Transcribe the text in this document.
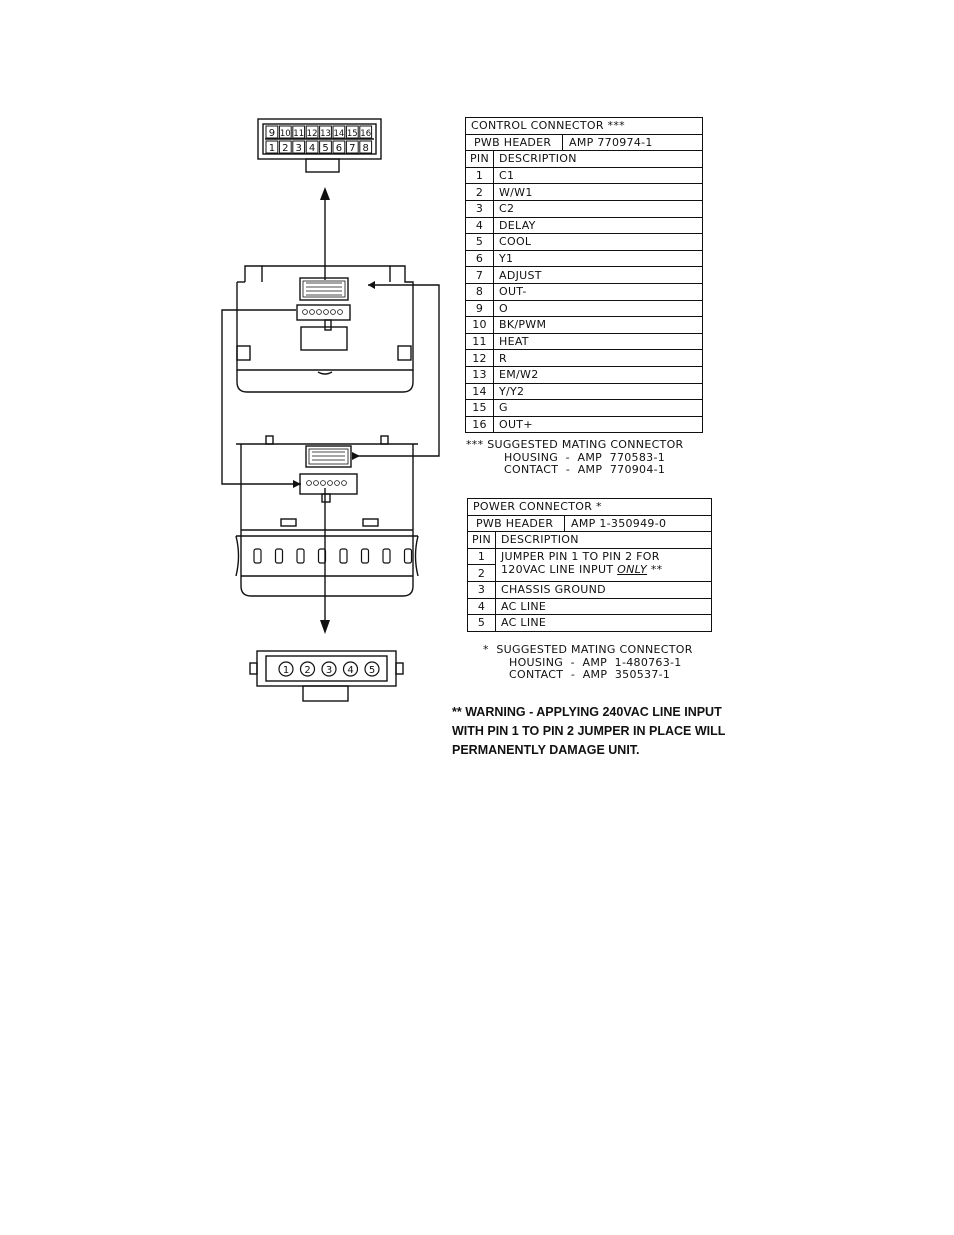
9 10 11 12 13 14 15 16
1 2 3 4 5 6 7 8
1 2 3 4 5
CONTROL CONNECTOR ***	
PWB HEADER AMP 770974-1	
PIN	DESCRIPTION
1	C1
2	W/W1
3	C2
4	DELAY
5	COOL
6	Y1
7	ADJUST
8	OUT-
9	O
10	BK/PWM
11	HEAT
12	R
13	EM/W2
14	Y/Y2
15	G
16	OUT+
*** SUGGESTED MATING CONNECTOR
HOUSING  -  AMP  770583-1
CONTACT  -  AMP  770904-1
POWER CONNECTOR *	
PWB HEADER AMP 1-350949-0	
PIN	DESCRIPTION
1	JUMPER PIN 1 TO PIN 2 FOR
120VAC LINE INPUT ONLY **
2	
3	CHASSIS GROUND
4	AC LINE
5	AC LINE
*  SUGGESTED MATING CONNECTOR
HOUSING  -  AMP  1-480763-1
CONTACT  -  AMP  350537-1
** WARNING - APPLYING 240VAC LINE INPUT
WITH PIN 1 TO PIN 2 JUMPER IN PLACE WILL
PERMANENTLY DAMAGE UNIT.
